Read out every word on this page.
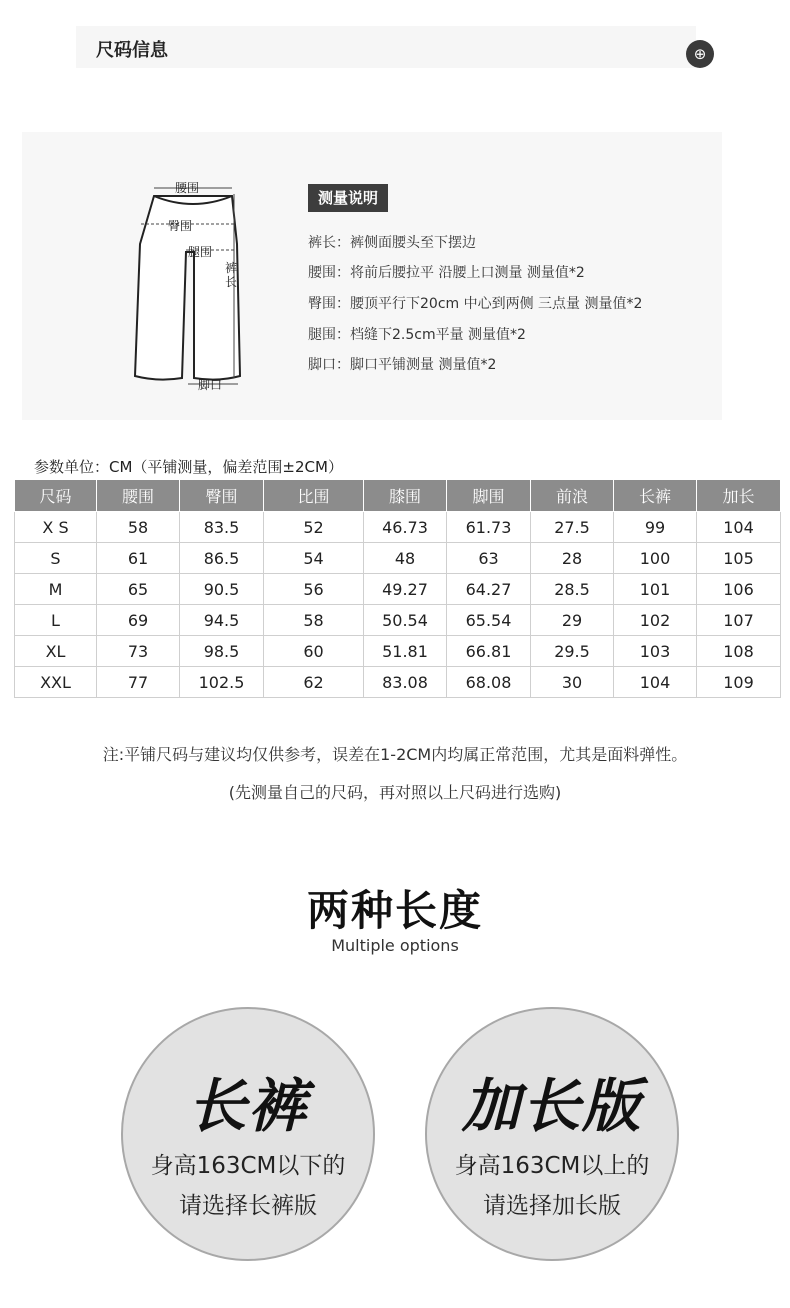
尺码信息	⊕
腰围
臀围
腿围
裤
长
脚口
测量说明
裤长：裤侧面腰头至下摆边
腰围：将前后腰拉平 沿腰上口测量 测量值*2
臀围：腰顶平行下20cm 中心到两侧 三点量 测量值*2
腿围：档缝下2.5cm平量 测量值*2
脚口：脚口平铺测量 测量值*2
参数单位：CM（平铺测量，偏差范围±2CM）
尺码	腰围	臀围	比围	膝围	脚围	前浪	长裤	加长
X S	58	83.5	52	46.73	61.73	27.5	99	104
S	61	86.5	54	48	63	28	100	105
M	65	90.5	56	49.27	64.27	28.5	101	106
L	69	94.5	58	50.54	65.54	29	102	107
XL	73	98.5	60	51.81	66.81	29.5	103	108
XXL	77	102.5	62	83.08	68.08	30	104	109
注:平铺尺码与建议均仅供参考，误差在1-2CM内均属正常范围，尤其是面料弹性。
(先测量自己的尺码，再对照以上尺码进行选购)
两种长度
Multiple options
长裤
身高163CM以下的
请选择长裤版
加长版
身高163CM以上的
请选择加长版
